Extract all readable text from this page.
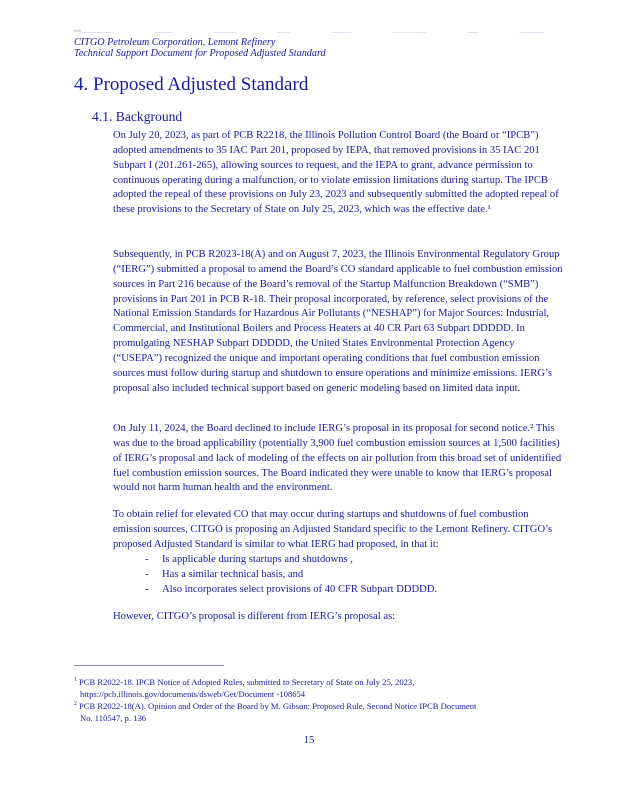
(ref) ______________	________	__________	______	_________	______ ___ _____	_____	___________
CITGO Petroleum Corporation, Lemont Refinery
Technical Support Document for Proposed Adjusted Standard
4. Proposed Adjusted Standard
4.1. Background

On July 20, 2023, as part of PCB R2218, the Illinois Pollution Control Board (the Board or “IPCB”) adopted amendments to 35 IAC Part 201, proposed by IEPA, that removed provisions in 35 IAC 201 Subpart I (201.261-265), allowing sources to request, and the IEPA to grant, advance permission to continuous operating during a malfunction, or to violate emission limitations during startup. The IPCB adopted the repeal of these provisions on July 23, 2023 and subsequently submitted the adopted repeal of these provisions to the Secretary of State on July 25, 2023, which was the effective date.¹

Subsequently, in PCB R2023-18(A) and on August 7, 2023, the Illinois Environmental Regulatory Group (“IERG”) submitted a proposal to amend the Board’s CO standard applicable to fuel combustion emission sources in Part 216 because of the Board’s removal of the Startup Malfunction Breakdown (“SMB”) provisions in Part 201 in PCB R-18. Their proposal incorporated, by reference, select provisions of the National Emission Standards for Hazardous Air Pollutants (“NESHAP”) for Major Sources: Industrial, Commercial, and Institutional Boilers and Process Heaters at 40 CR Part 63 Subpart DDDDD. In promulgating NESHAP Subpart DDDDD, the United States Environmental Protection Agency (“USEPA”) recognized the unique and important operating conditions that fuel combustion emission sources must follow during startup and shutdown to ensure operations and minimize emissions. IERG’s proposal also included technical support based on generic modeling based on limited data input.

On July 11, 2024, the Board declined to include IERG’s proposal in its proposal for second notice.² This was due to the broad applicability (potentially 3,900 fuel combustion emission sources at 1,500 facilities) of IERG’s proposal and lack of modeling of the effects on air pollution from this broad set of unidentified fuel combustion emission sources. The Board indicated they were unable to know that IERG’s proposal would not harm human health and the environment.

To obtain relief for elevated CO that may occur during startups and shutdowns of fuel combustion emission sources, CITGO is proposing an Adjusted Standard specific to the Lemont Refinery. CITGO’s proposed Adjusted Standard is similar to what IERG had proposed, in that it:

- Is applicable during startups and shutdowns ,
- Has a similar technical basis, and
- Also incorporates select provisions of 40 CFR Subpart DDDDD.

However, CITGO’s proposal is different from IERG’s proposal as:

$^1$ PCB R2022-18. IPCB Notice of Adopted Rules, submitted to Secretary of State on July 25, 2023,
https://pcb.illinois.gov/documents/dsweb/Get/Document -108654
$^2$ PCB R2022-18(A). Opinion and Order of the Board by M. Gibson: Proposed Rule, Second Notice IPCB Document
No. 110547, p. 136
15
